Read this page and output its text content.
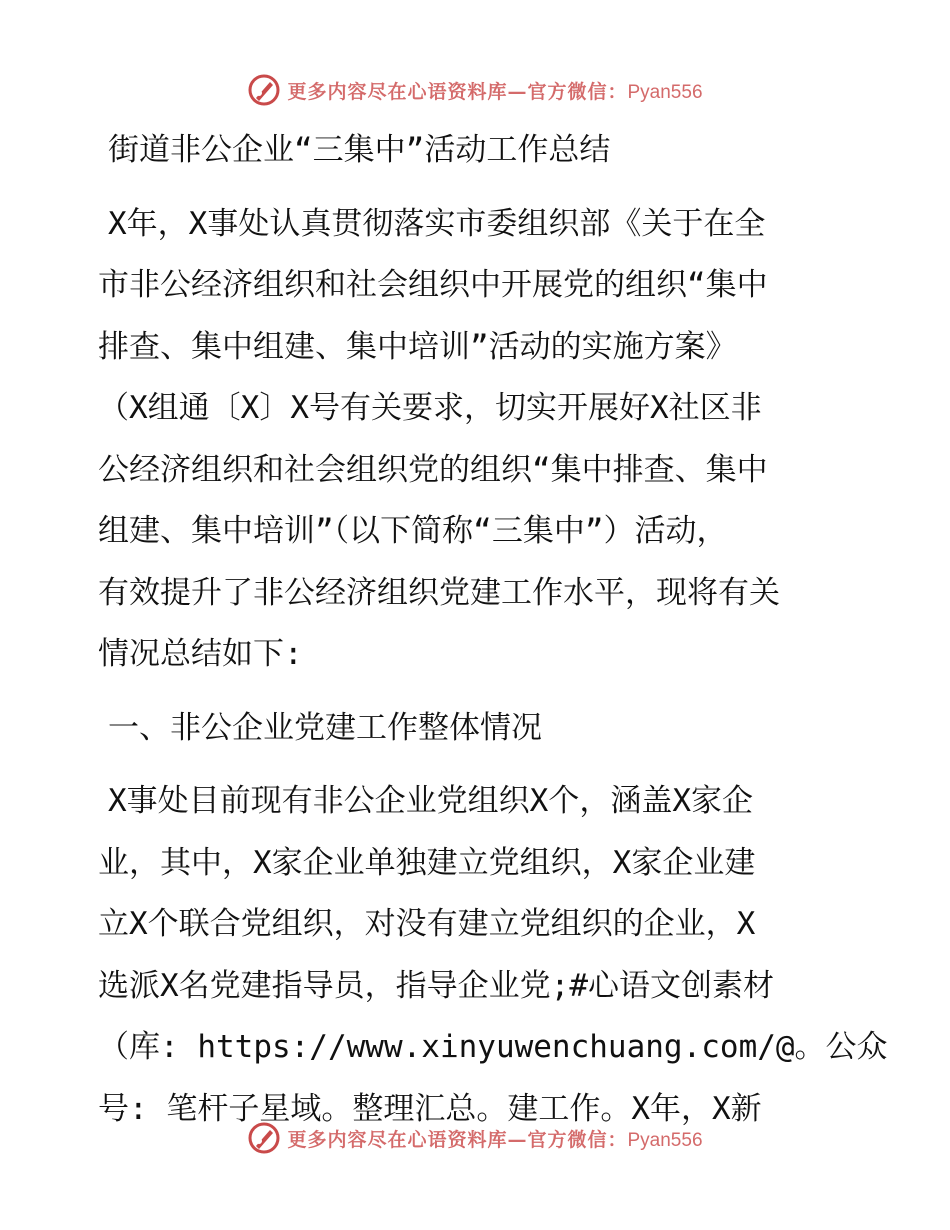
更多内容尽在心语资料库—官方微信：Pyan556
街道非公企业“三集中”活动工作总结
X年，X事处认真贯彻落实市委组织部《关于在全
市非公经济组织和社会组织中开展党的组织“集中
排查、集中组建、集中培训”活动的实施方案》
（X组通〔X〕X号有关要求，切实开展好X社区非
公经济组织和社会组织党的组织“集中排查、集中
组建、集中培训”（以下简称“三集中”）活动，
有效提升了非公经济组织党建工作水平，现将有关
情况总结如下:
一、非公企业党建工作整体情况
X事处目前现有非公企业党组织X个，涵盖X家企
业，其中，X家企业单独建立党组织，X家企业建
立X个联合党组织，对没有建立党组织的企业，X
选派X名党建指导员，指导企业党;#心语文创素材
（库: https://www.xinyuwenchuang.com/@。公众
号: 笔杆子星域。整理汇总。建工作。X年，X新
更多内容尽在心语资料库—官方微信：Pyan556
